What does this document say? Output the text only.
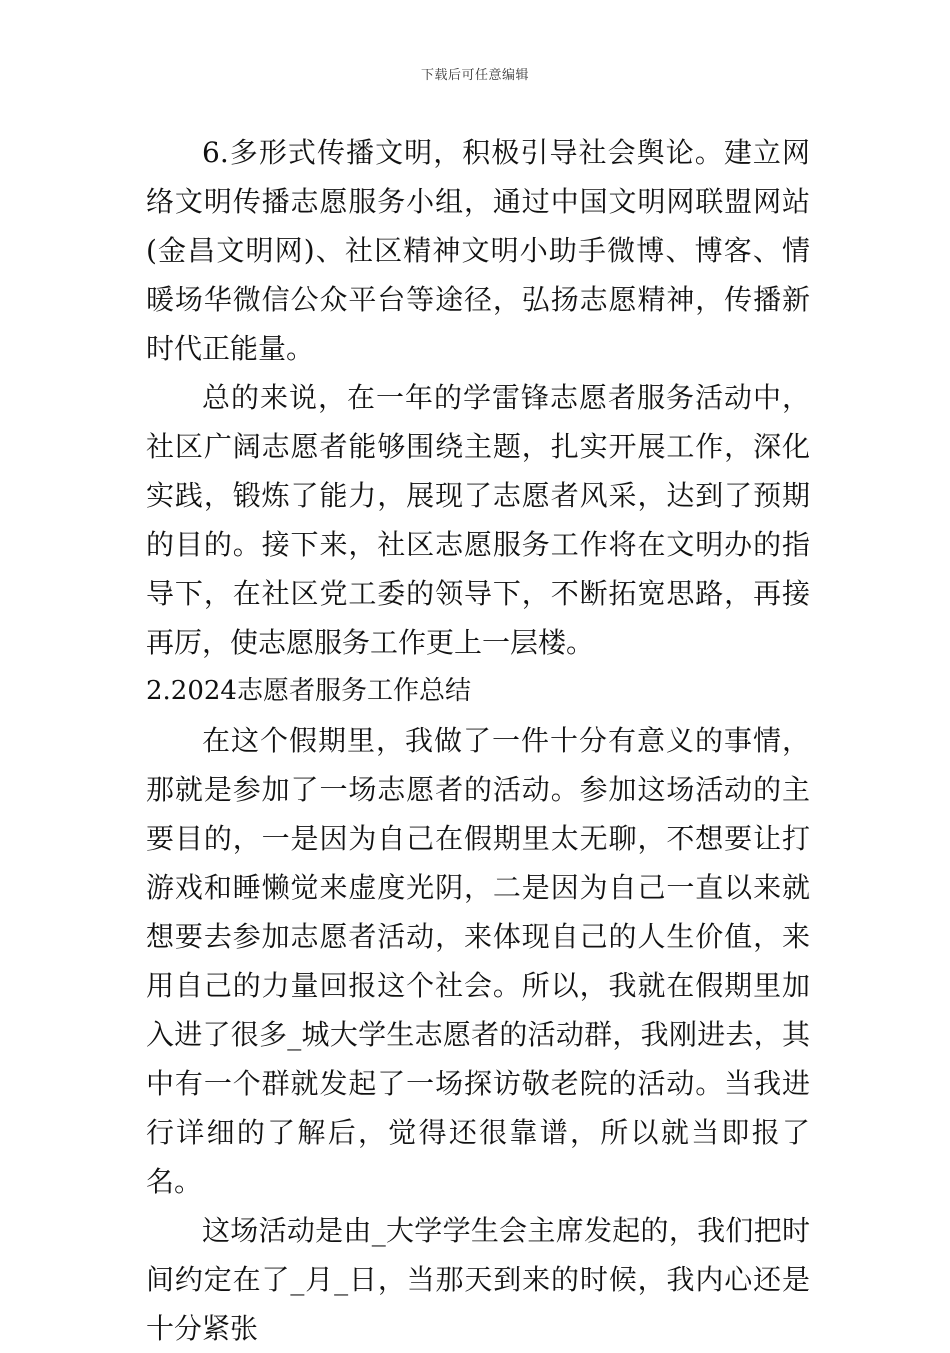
下载后可任意编辑

6.多形式传播文明，积极引导社会舆论。建立网络文明传播志愿服务小组，通过中国文明网联盟网站(金昌文明网)、社区精神文明小助手微博、博客、情暖场华微信公众平台等途径，弘扬志愿精神，传播新时代正能量。

总的来说，在一年的学雷锋志愿者服务活动中，社区广阔志愿者能够围绕主题，扎实开展工作，深化实践，锻炼了能力，展现了志愿者风采，达到了预期的目的。接下来，社区志愿服务工作将在文明办的指导下，在社区党工委的领导下，不断拓宽思路，再接再厉，使志愿服务工作更上一层楼。

2.2024志愿者服务工作总结

在这个假期里，我做了一件十分有意义的事情，那就是参加了一场志愿者的活动。参加这场活动的主要目的，一是因为自己在假期里太无聊，不想要让打游戏和睡懒觉来虚度光阴，二是因为自己一直以来就想要去参加志愿者活动，来体现自己的人生价值，来用自己的力量回报这个社会。所以，我就在假期里加入进了很多_城大学生志愿者的活动群，我刚进去，其中有一个群就发起了一场探访敬老院的活动。当我进行详细的了解后，觉得还很靠谱，所以就当即报了名。

这场活动是由_大学学生会主席发起的，我们把时间约定在了_月_日，当那天到来的时候，我内心还是十分紧张
